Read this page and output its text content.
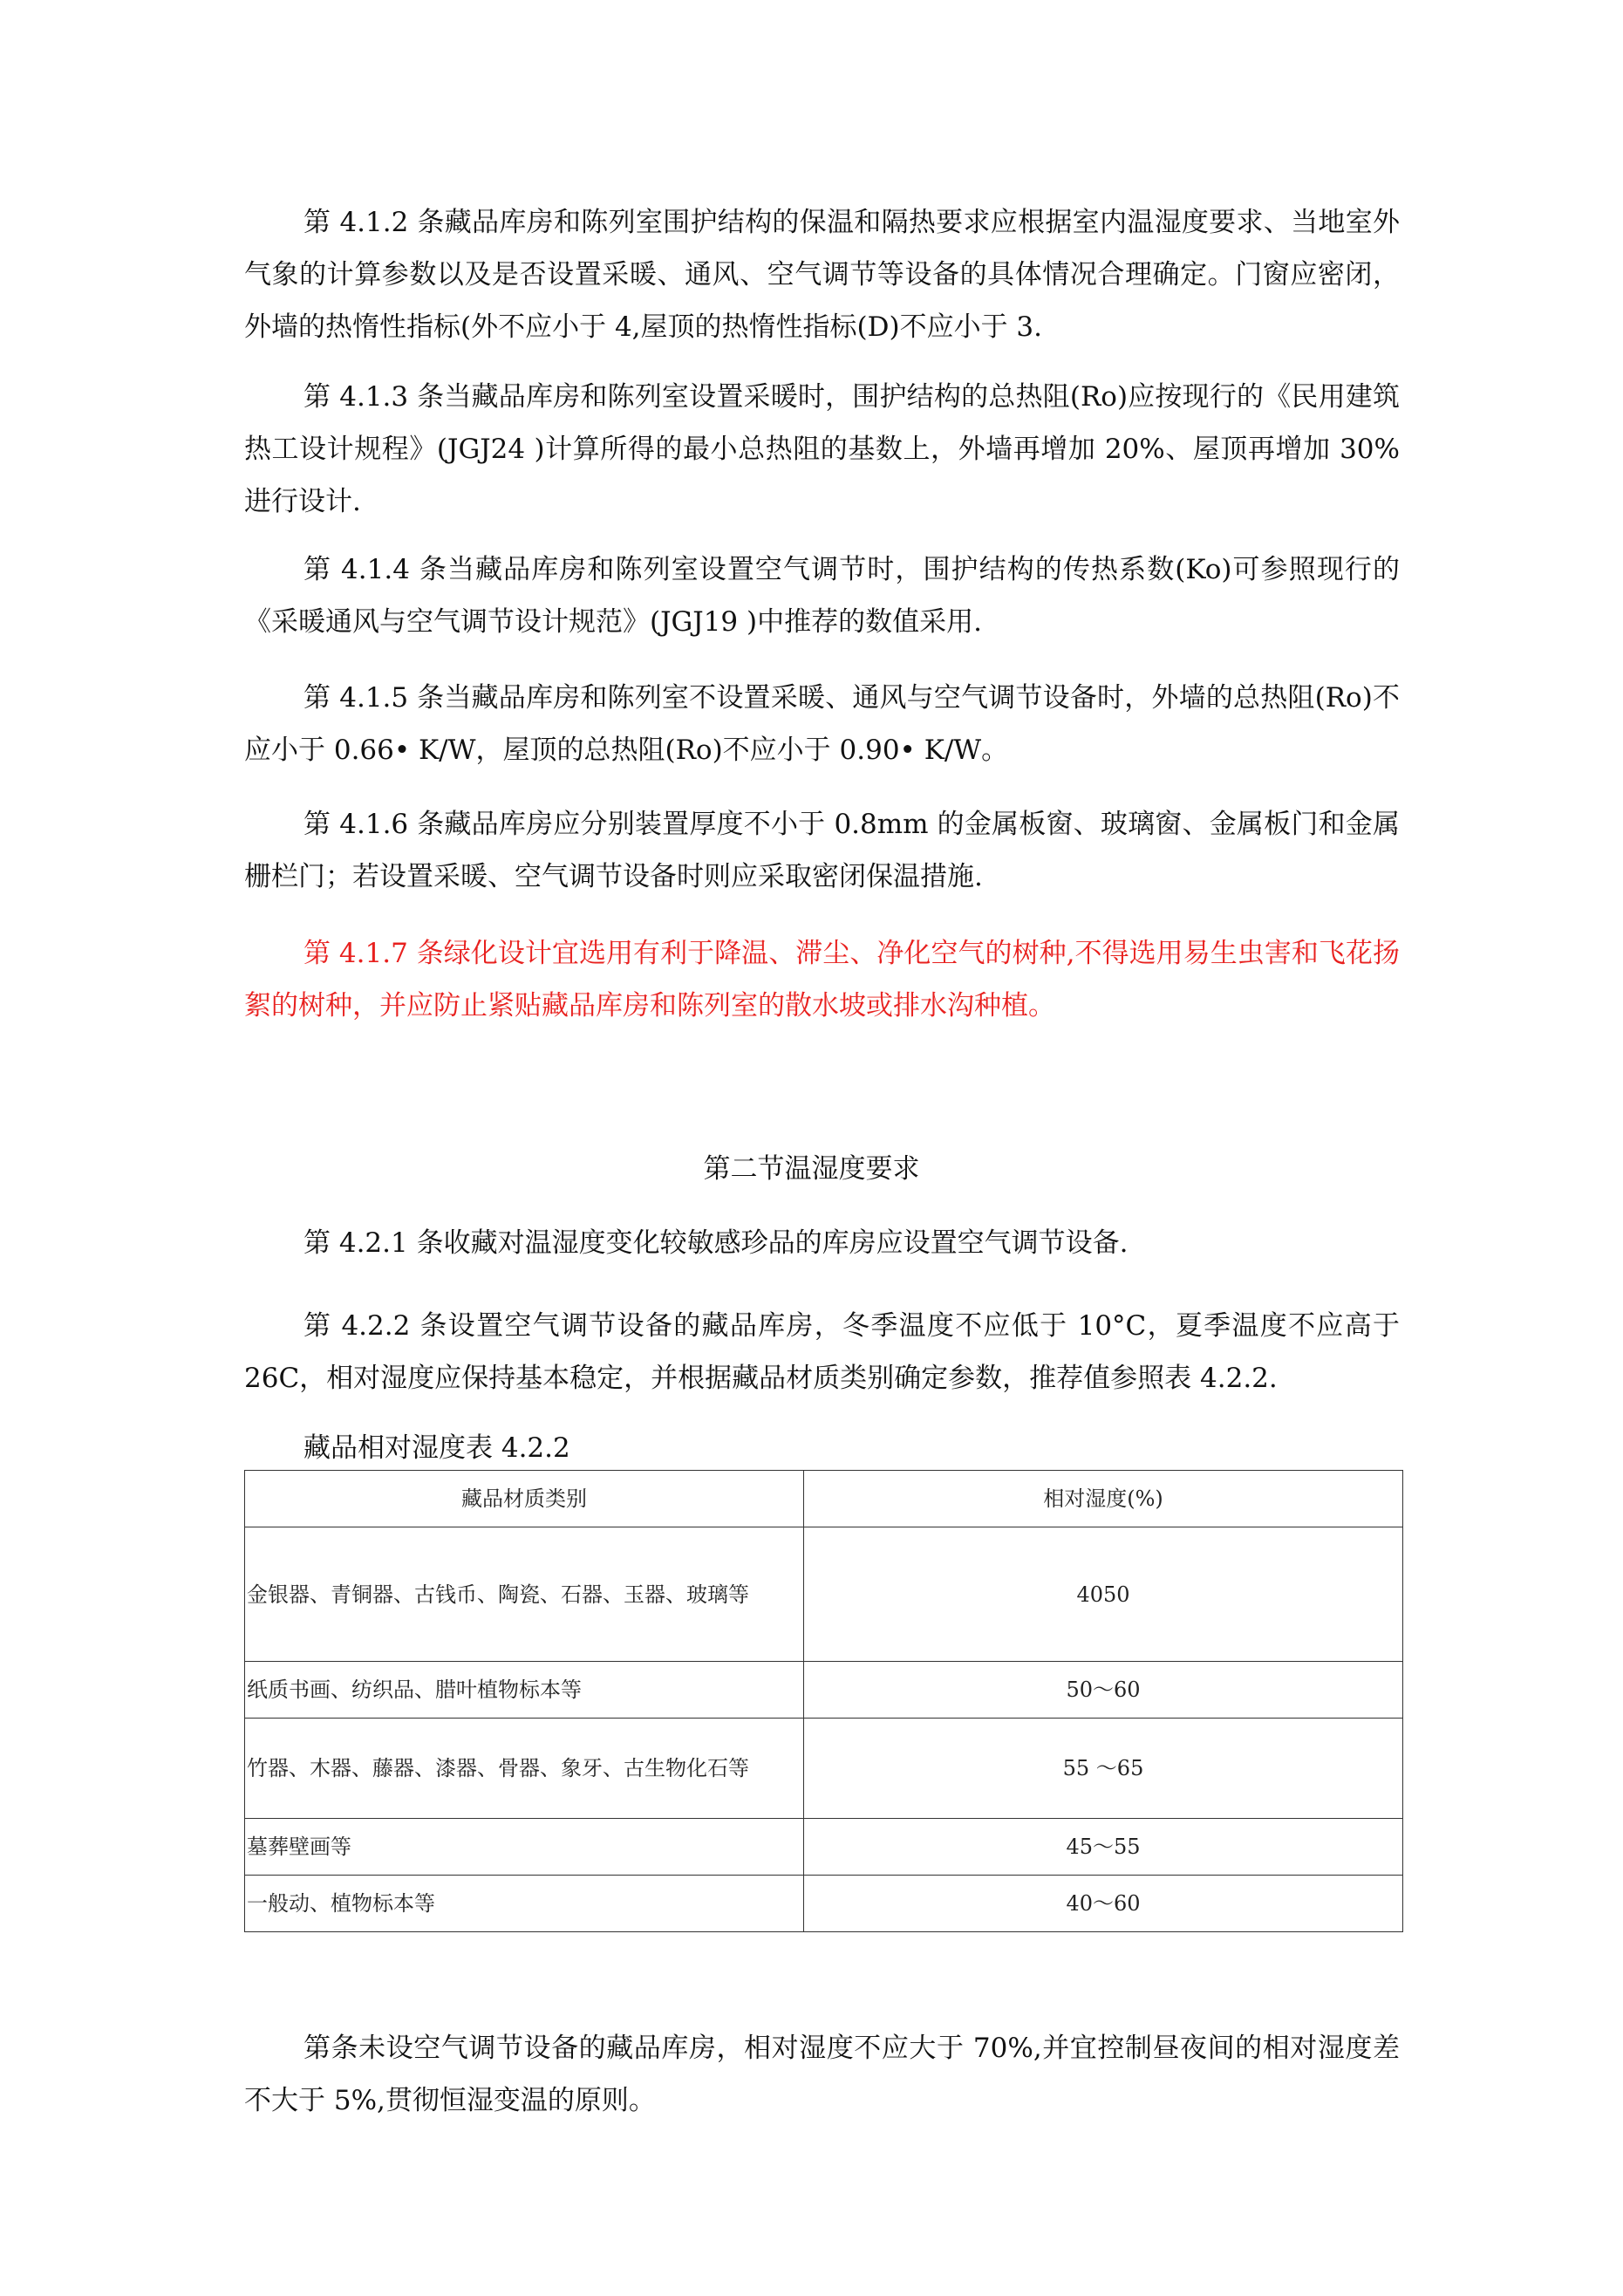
第 4.1.2 条藏品库房和陈列室围护结构的保温和隔热要求应根据室内温湿度要求、当地室外气象的计算参数以及是否设置采暖、通风、空气调节等设备的具体情况合理确定。门窗应密闭，外墙的热惰性指标(外不应小于 4,屋顶的热惰性指标(D)不应小于 3.

第 4.1.3 条当藏品库房和陈列室设置采暖时，围护结构的总热阻(Ro)应按现行的《民用建筑热工设计规程》(JGJ24 )计算所得的最小总热阻的基数上，外墙再增加 20%、屋顶再增加 30%进行设计.

第 4.1.4 条当藏品库房和陈列室设置空气调节时，围护结构的传热系数(Ko)可参照现行的《采暖通风与空气调节设计规范》(JGJ19 )中推荐的数值采用.

第 4.1.5 条当藏品库房和陈列室不设置采暖、通风与空气调节设备时，外墙的总热阻(Ro)不应小于 0.66• K/W，屋顶的总热阻(Ro)不应小于 0.90• K/W。

第 4.1.6 条藏品库房应分别装置厚度不小于 0.8mm 的金属板窗、玻璃窗、金属板门和金属栅栏门；若设置采暖、空气调节设备时则应采取密闭保温措施.

第 4.1.7 条绿化设计宜选用有利于降温、滞尘、净化空气的树种,不得选用易生虫害和飞花扬絮的树种，并应防止紧贴藏品库房和陈列室的散水坡或排水沟种植。

第二节温湿度要求

第 4.2.1 条收藏对温湿度变化较敏感珍品的库房应设置空气调节设备.

第 4.2.2 条设置空气调节设备的藏品库房，冬季温度不应低于 10°C，夏季温度不应高于 26C，相对湿度应保持基本稳定，并根据藏品材质类别确定参数，推荐值参照表 4.2.2.

藏品相对湿度表 4.2.2

藏品材质类别	相对湿度(%)
金银器、青铜器、古钱币、陶瓷、石器、玉器、玻璃等	4050
纸质书画、纺织品、腊叶植物标本等	50〜60
竹器、木器、藤器、漆器、骨器、象牙、古生物化石等	55 〜65
墓葬壁画等	45〜55
一般动、植物标本等	40〜60

第条未设空气调节设备的藏品库房，相对湿度不应大于 70%,并宜控制昼夜间的相对湿度差不大于 5%,贯彻恒湿变温的原则。
